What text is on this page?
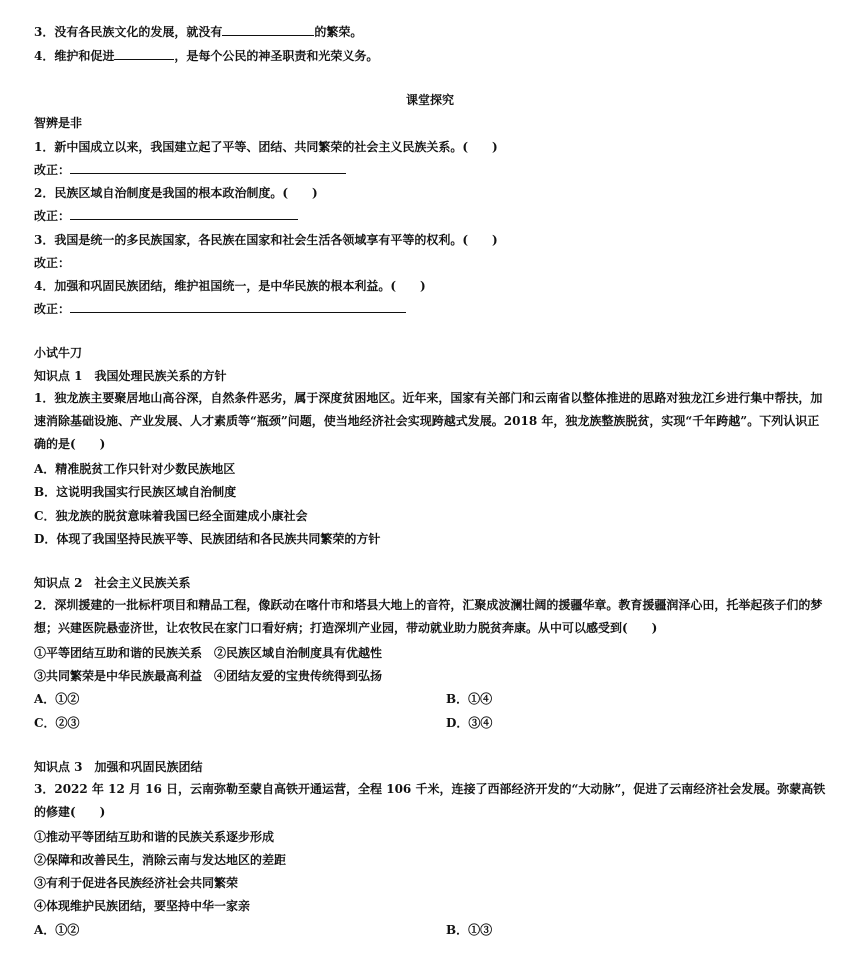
3．没有各民族文化的发展，就没有	的繁荣。
4．维护和促进	，是每个公民的神圣职责和光荣义务。
课堂探究
智辨是非
1．新中国成立以来，我国建立起了平等、团结、共同繁荣的社会主义民族关系。(　　)
改正：
2．民族区域自治制度是我国的根本政治制度。(　　)
改正：
3．我国是统一的多民族国家，各民族在国家和社会生活各领域享有平等的权利。(　　)
改正：
4．加强和巩固民族团结，维护祖国统一，是中华民族的根本利益。(　　)
改正：
小试牛刀
知识点 1　我国处理民族关系的方针
1．独龙族主要聚居地山高谷深，自然条件恶劣，属于深度贫困地区。近年来，国家有关部门和云南省以整体推进的思路对独龙江乡进行集中帮扶，加速消除基础设施、产业发展、人才素质等“瓶颈”问题，使当地经济社会实现跨越式发展。2018 年，独龙族整族脱贫，实现“千年跨越”。下列认识正确的是(　　)
A．精准脱贫工作只针对少数民族地区
B．这说明我国实行民族区域自治制度
C．独龙族的脱贫意味着我国已经全面建成小康社会
D．体现了我国坚持民族平等、民族团结和各民族共同繁荣的方针
知识点 2　社会主义民族关系
2．深圳援建的一批标杆项目和精品工程，像跃动在喀什市和塔县大地上的音符，汇聚成波澜壮阔的援疆华章。教育援疆润泽心田，托举起孩子们的梦想；兴建医院悬壶济世，让农牧民在家门口看好病；打造深圳产业园，带动就业助力脱贫奔康。从中可以感受到(　　)
①平等团结互助和谐的民族关系　②民族区域自治制度具有优越性
③共同繁荣是中华民族最高利益　④团结友爱的宝贵传统得到弘扬
A．①②	B．①④
C．②③	D．③④
知识点 3　加强和巩固民族团结
3．2022 年 12 月 16 日，云南弥勒至蒙自高铁开通运营，全程 106 千米，连接了西部经济开发的“大动脉”，促进了云南经济社会发展。弥蒙高铁的修建(　　)
①推动平等团结互助和谐的民族关系逐步形成
②保障和改善民生，消除云南与发达地区的差距
③有利于促进各民族经济社会共同繁荣
④体现维护民族团结，要坚持中华一家亲
A．①②	B．①③
